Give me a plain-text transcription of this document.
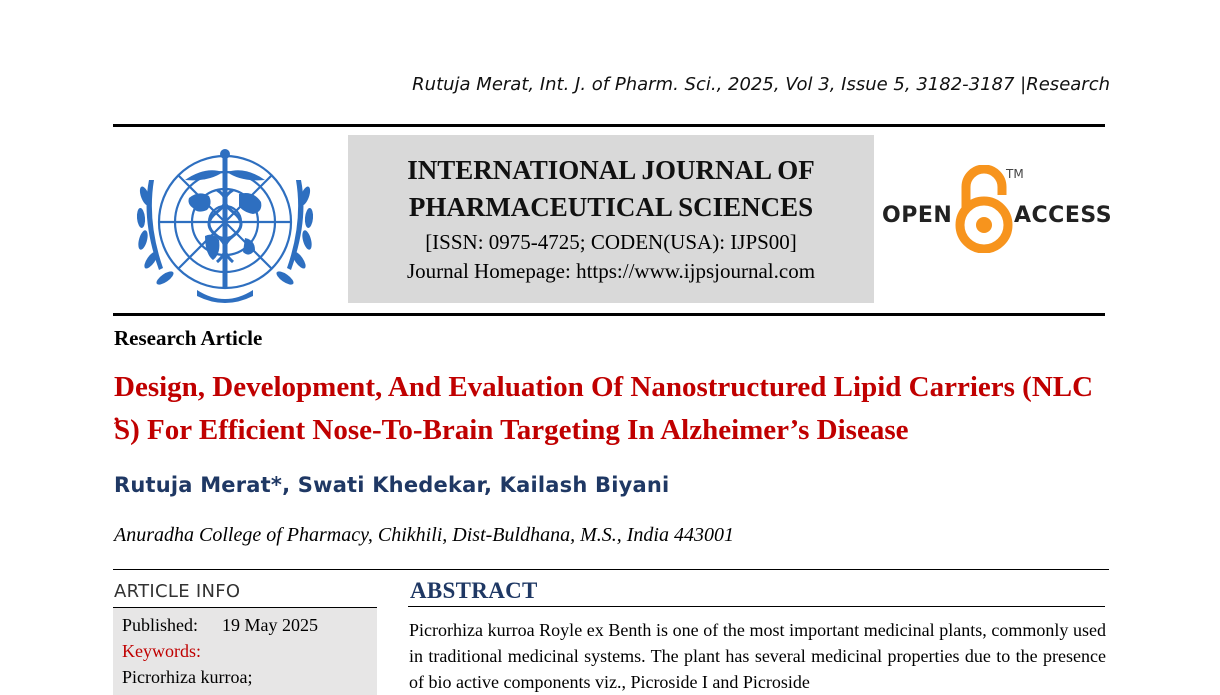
Rutuja Merat, Int. J. of Pharm. Sci., 2025, Vol 3, Issue 5, 3182-3187 |Research
INTERNATIONAL JOURNAL OF
PHARMACEUTICAL SCIENCES
[ISSN: 0975-4725; CODEN(USA): IJPS00]
Journal Homepage: https://www.ijpsjournal.com
OPEN	ACCESS
TM
Research Article
Design, Development, And Evaluation Of Nanostructured Lipid Carriers (NLC ̕S) For Efficient Nose-To-Brain Targeting In Alzheimer’s Disease
Rutuja Merat*, Swati Khedekar, Kailash Biyani
Anuradha College of Pharmacy, Chikhili, Dist-Buldhana, M.S., India 443001
ARTICLE INFO
Published: 19 May 2025
Keywords:
Picrorhiza kurroa;
ABSTRACT
Picrorhiza kurroa Royle ex Benth is one of the most important medicinal plants, commonly used in traditional medicinal systems. The plant has several medicinal properties due to the presence of bio active components viz., Picroside I and Picroside
